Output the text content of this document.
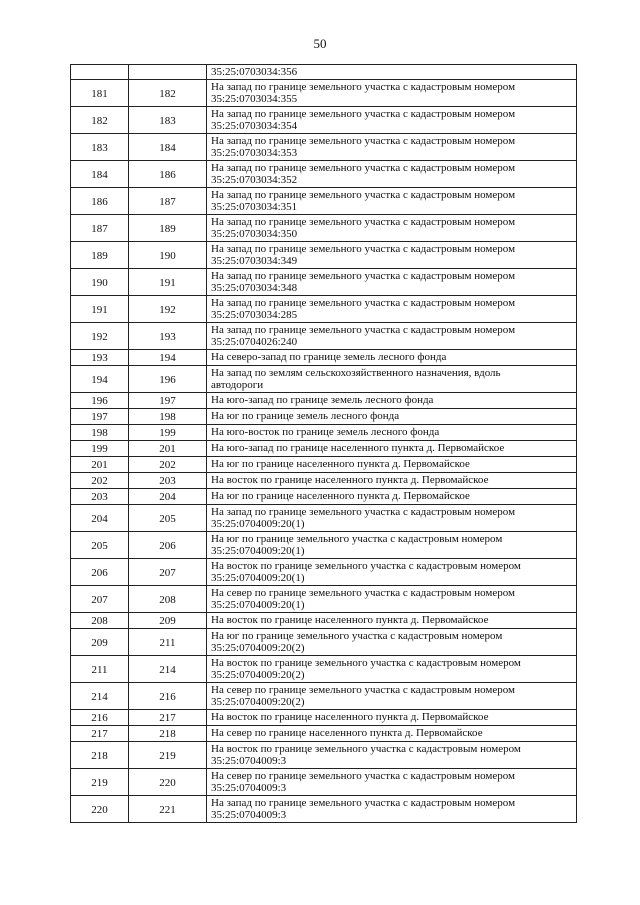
50
		35:25:0703034:356
181	182	На запад по границе земельного участка с кадастровым номером
35:25:0703034:355
182	183	На запад по границе земельного участка с кадастровым номером
35:25:0703034:354
183	184	На запад по границе земельного участка с кадастровым номером
35:25:0703034:353
184	186	На запад по границе земельного участка с кадастровым номером
35:25:0703034:352
186	187	На запад по границе земельного участка с кадастровым номером
35:25:0703034:351
187	189	На запад по границе земельного участка с кадастровым номером
35:25:0703034:350
189	190	На запад по границе земельного участка с кадастровым номером
35:25:0703034:349
190	191	На запад по границе земельного участка с кадастровым номером
35:25:0703034:348
191	192	На запад по границе земельного участка с кадастровым номером
35:25:0703034:285
192	193	На запад по границе земельного участка с кадастровым номером
35:25:0704026:240
193	194	На северо-запад по границе земель лесного фонда
194	196	На запад по землям сельскохозяйственного назначения, вдоль
автодороги
196	197	На юго-запад по границе земель лесного фонда
197	198	На юг по границе земель лесного фонда
198	199	На юго-восток по границе земель лесного фонда
199	201	На юго-запад по границе населенного пункта д. Первомайское
201	202	На юг по границе населенного пункта д. Первомайское
202	203	На восток по границе населенного пункта д. Первомайское
203	204	На юг по границе населенного пункта д. Первомайское
204	205	На запад по границе земельного участка с кадастровым номером
35:25:0704009:20(1)
205	206	На юг по границе земельного участка с кадастровым номером
35:25:0704009:20(1)
206	207	На восток по границе земельного участка с кадастровым номером
35:25:0704009:20(1)
207	208	На север по границе земельного участка с кадастровым номером
35:25:0704009:20(1)
208	209	На восток по границе населенного пункта д. Первомайское
209	211	На юг по границе земельного участка с кадастровым номером
35:25:0704009:20(2)
211	214	На восток по границе земельного участка с кадастровым номером
35:25:0704009:20(2)
214	216	На север по границе земельного участка с кадастровым номером
35:25:0704009:20(2)
216	217	На восток по границе населенного пункта д. Первомайское
217	218	На север по границе населенного пункта д. Первомайское
218	219	На восток по границе земельного участка с кадастровым номером
35:25:0704009:3
219	220	На север по границе земельного участка с кадастровым номером
35:25:0704009:3
220	221	На запад по границе земельного участка с кадастровым номером
35:25:0704009:3
